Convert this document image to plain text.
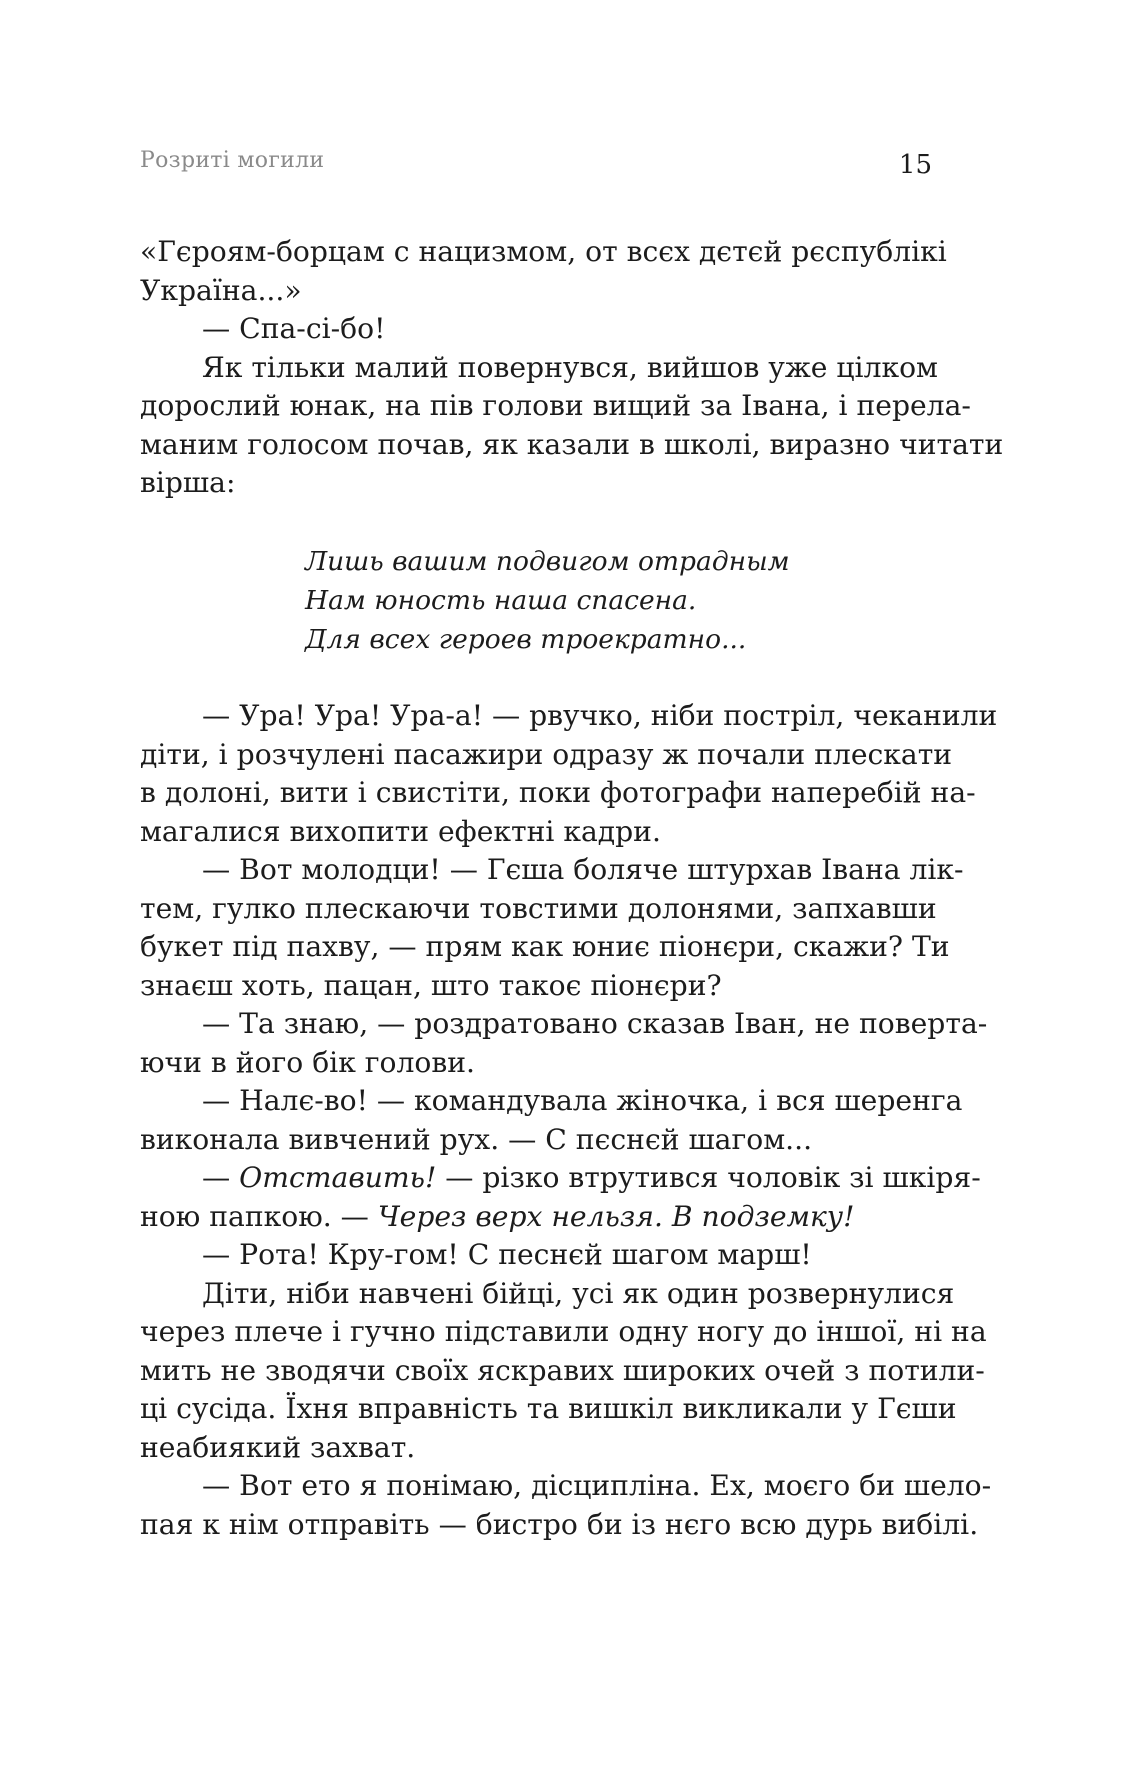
Розриті могили	15
«Гєроям-борцам с нацизмом, от всєх дєтєй рєспублікі
Україна...»
— Спа-сі-бо!
Як тільки малий повернувся, вийшов уже цілком
дорослий юнак, на пів голови вищий за Івана, і перела-
маним голосом почав, як казали в школі, виразно читати
вірша:
Лишь вашим подвигом отрадным
Нам юность наша спасена.
Для всех героев троекратно...
— Ура! Ура! Ура-а! — рвучко, ніби постріл, чеканили
діти, і розчулені пасажири одразу ж почали плескати
в долоні, вити і свистіти, поки фотографи наперебій на-
магалися вихопити ефектні кадри.
— Вот молодци! — Гєша боляче штурхав Івана лік-
тем, гулко плескаючи товстими долонями, запхавши
букет під пахву, — прям как юниє піонєри, скажи? Ти
знаєш хоть, пацан, што такоє піонєри?
— Та знаю, — роздратовано сказав Іван, не поверта-
ючи в його бік голови.
— Налє-во! — командувала жіночка, і вся шеренга
виконала вивчений рух. — С пєснєй шагом...
— Отставить! — різко втрутився чоловік зі шкіря-
ною папкою. — Через верх нельзя. В подземку!
— Рота! Кру-гом! С песнєй шагом марш!
Діти, ніби навчені бійці, усі як один розвернулися
через плече і гучно підставили одну ногу до іншої, ні на
мить не зводячи своїх яскравих широких очей з потили-
ці сусіда. Їхня вправність та вишкіл викликали у Гєши
неабиякий захват.
— Вот ето я понімаю, дісципліна. Ех, моєго би шело-
пая к нім отправіть — бистро би із нєго всю дурь вибілі.
